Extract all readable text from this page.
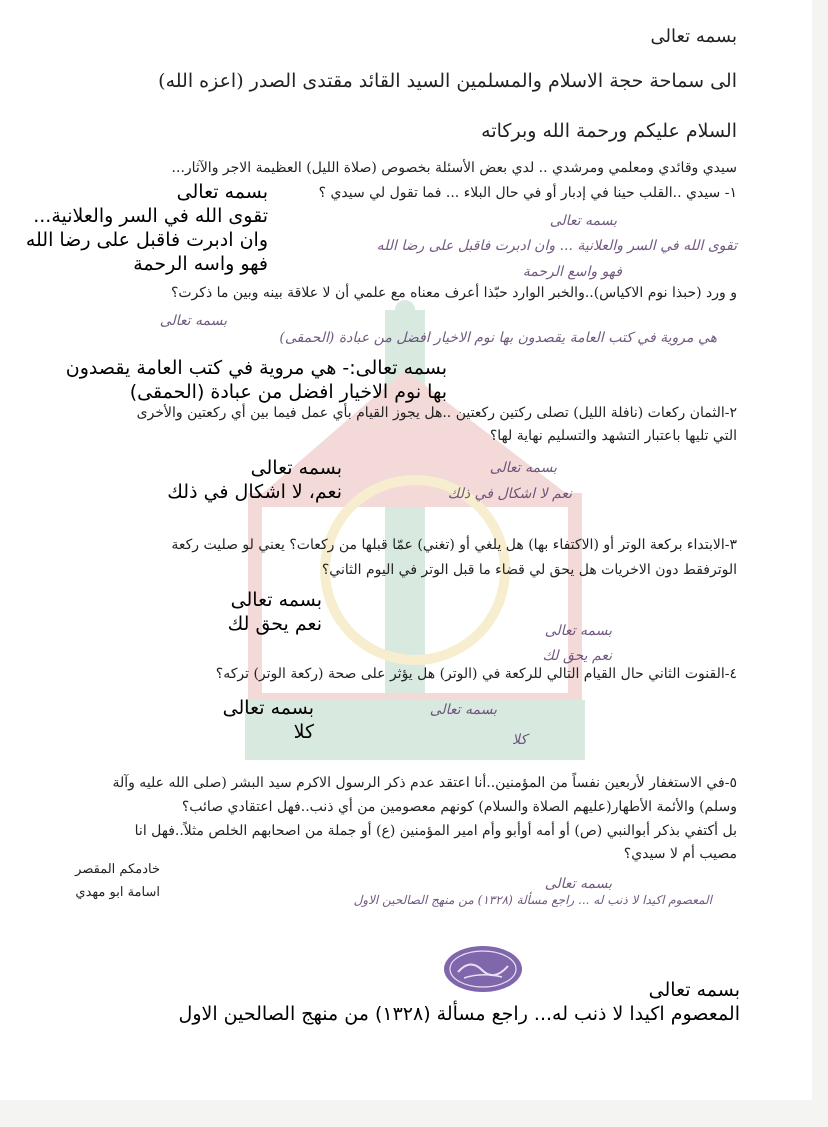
بسمه تعالى

الى سماحة حجة الاسلام والمسلمين السيد القائد مقتدى الصدر (اعزه الله)

السلام عليكم ورحمة الله وبركاته

سيدي وقائدي ومعلمي ومرشدي .. لدي بعض الأسئلة بخصوص (صلاة الليل) العظيمة الاجر والآثار...

١- سيدي ..القلب حينا في إدبار أو في حال البلاء ... فما تقول لي سيدي ؟

بسمه تعالى

تقوى الله في السر والعلانية ... وان ادبرت فاقبل على رضا الله

فهو واسع الرحمة

بسمه تعالى

تقوى الله في السر والعلانية...

وان ادبرت فاقبل على رضا الله

فهو واسه الرحمة

و ورد (حبذا نوم الاكياس)..والخبر الوارد حبّذا أعرف معناه مع علمي أن لا علاقة بينه وبين ما ذكرت؟

بسمه تعالى

هي مروية في كتب العامة يقصدون بها نوم الاخيار افضل من عبادة (الحمقى)

بسمه تعالى:- هي مروية في كتب العامة يقصدون

بها نوم الاخيار افضل من عبادة (الحمقى)

٢-الثمان ركعات (نافلة الليل) تصلى ركتين ركعتين ..هل يجوز القيام بأي عمل فيما بين أي ركعتين والأخرى

التي تليها باعتبار التشهد والتسليم نهاية لها؟

بسمه تعالى

نعم لا اشكال في ذلك

بسمه تعالى

نعم، لا اشكال في ذلك

٣-الابتداء بركعة الوتر أو (الاكتفاء بها) هل يلغي أو (تغني) عمّا قبلها من ركعات؟ يعني لو صليت ركعة

الوترفقط دون الاخريات هل يحق لي قضاء ما قبل الوتر في اليوم الثاني؟

بسمه تعالى

نعم يحق لك

بسمه تعالى

نعم يحق لك

٤-القنوت الثاني حال القيام التالي للركعة في (الوتر) هل يؤثر على صحة (ركعة الوتر) تركه؟

بسمه تعالى

كلا

بسمه تعالى

كلا

٥-في الاستغفار لأربعين نفساً من المؤمنين..أنا اعتقد عدم ذكر الرسول الاكرم سيد البشر (صلى الله عليه وآلة

وسلم) والأئمة الأطهار(عليهم الصلاة والسلام) كونهم معصومين من أي ذنب..فهل اعتقادي صائب؟

بل أكتفي بذكر أبوالنبي (ص) أو أمه أوأبو وأم امير المؤمنين (ع) أو جملة من اصحابهم الخلص مثلاً..فهل انا

مصيب أم لا سيدي؟

بسمه تعالى

المعصوم اكيدا لا ذنب له ... راجع مسألة (١٣٢٨) من منهج الصالحين الاول

خادمكم المقصر

اسامة ابو مهدي

بسمه تعالى

المعصوم اكيدا لا ذنب له... راجع مسألة (١٣٢٨) من منهج الصالحين الاول
